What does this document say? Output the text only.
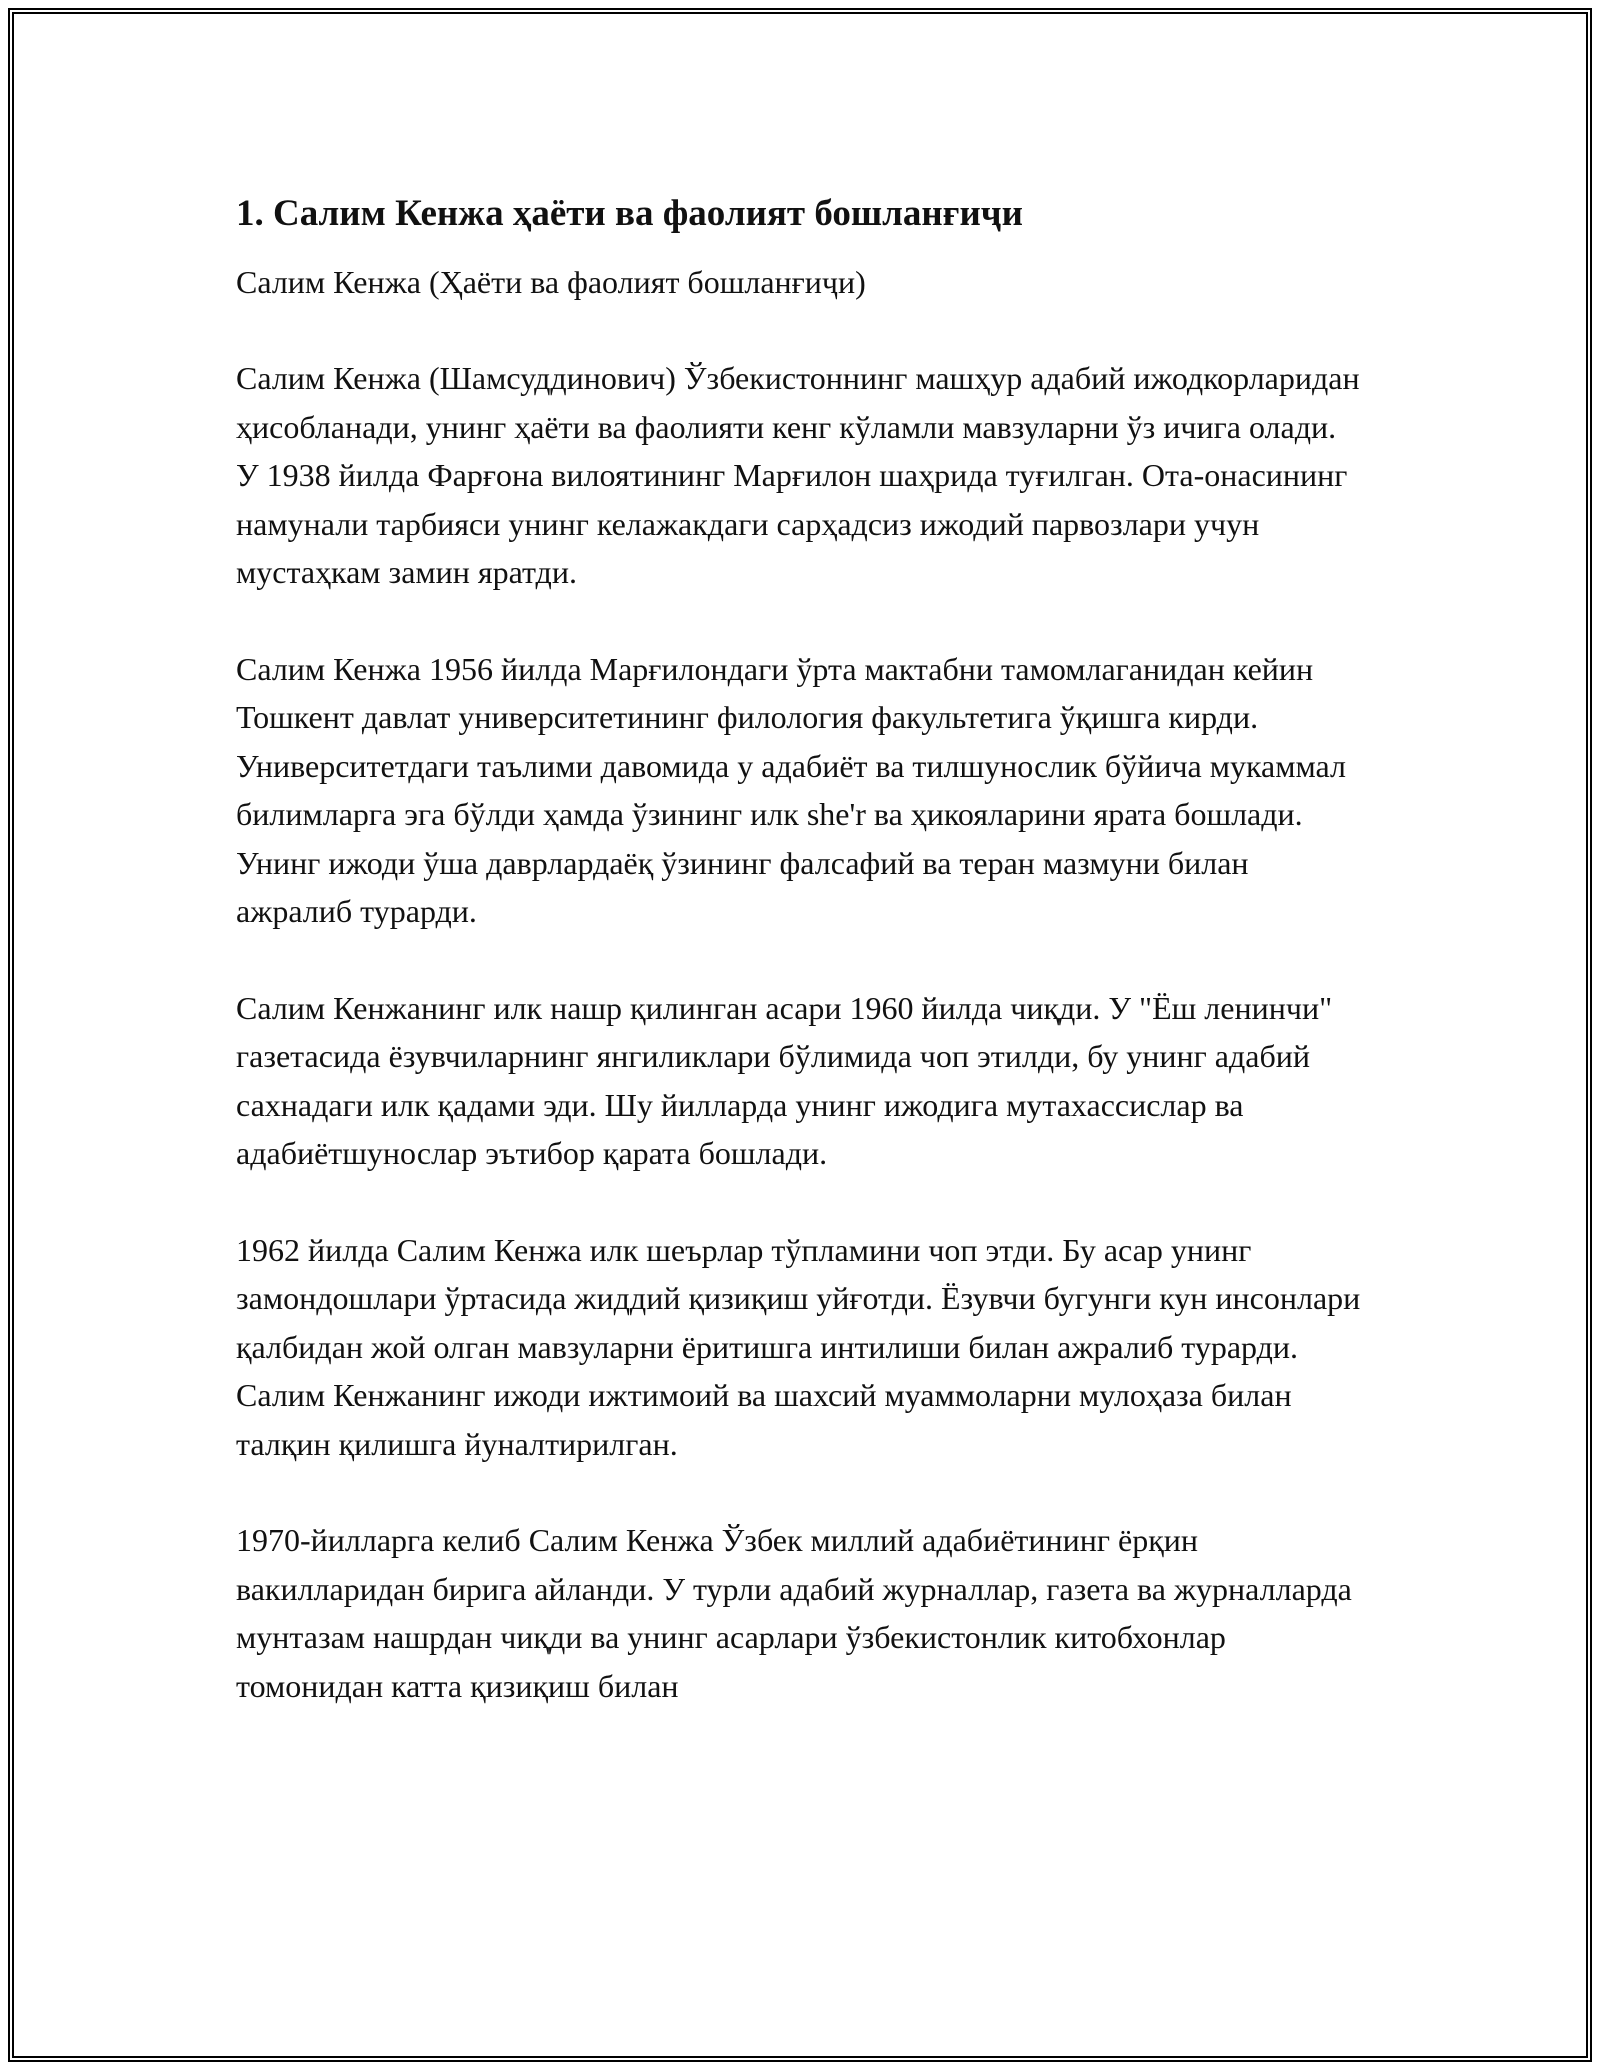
1. Салим Кенжа ҳаёти ва фаолият бошланғиҷи
Салим Кенжа (Ҳаёти ва фаолият бошланғиҷи)
Салим Кенжа (Шамсуддинович) Ўзбекистоннинг машҳур адабий ижодкорларидан ҳисобланади, унинг ҳаёти ва фаолияти кенг кўламли мавзуларни ўз ичига олади. У 1938 йилда Фарғона вилоятининг Марғилон шаҳрида туғилган. Ота-онасининг намунали тарбияси унинг келажакдаги сарҳадсиз ижодий парвозлари учун мустаҳкам замин яратди.
Салим Кенжа 1956 йилда Марғилондаги ўрта мактабни тамомлаганидан кейин Тошкент давлат университетининг филология факультетига ўқишга кирди. Университетдаги таълими давомида у адабиёт ва тилшунослик бўйича мукаммал билимларга эга бўлди ҳамда ўзининг илк she'r ва ҳикояларини ярата бошлади. Унинг ижоди ўша даврлардаёқ ўзининг фалсафий ва теран мазмуни билан ажралиб турарди.
Салим Кенжанинг илк нашр қилинган асари 1960 йилда чиқди. У "Ёш ленинчи" газетасида ёзувчиларнинг янгиликлари бўлимида чоп этилди, бу унинг адабий сахнадаги илк қадами эди. Шу йилларда унинг ижодига мутахассислар ва адабиётшунослар эътибор қарата бошлади.
1962 йилда Салим Кенжа илк шеърлар тўпламини чоп этди. Бу асар унинг замондошлари ўртасида жиддий қизиқиш уйғотди. Ёзувчи бугунги кун инсонлари қалбидан жой олган мавзуларни ёритишга интилиши билан ажралиб турарди. Салим Кенжанинг ижоди ижтимоий ва шахсий муаммоларни мулоҳаза билан талқин қилишга йуналтирилган.
1970-йилларга келиб Салим Кенжа Ўзбек миллий адабиётининг ёрқин вакилларидан бирига айланди. У турли адабий журналлар, газета ва журналларда мунтазам нашрдан чиқди ва унинг асарлари ўзбекистонлик китобхонлар томонидан катта қизиқиш билан
